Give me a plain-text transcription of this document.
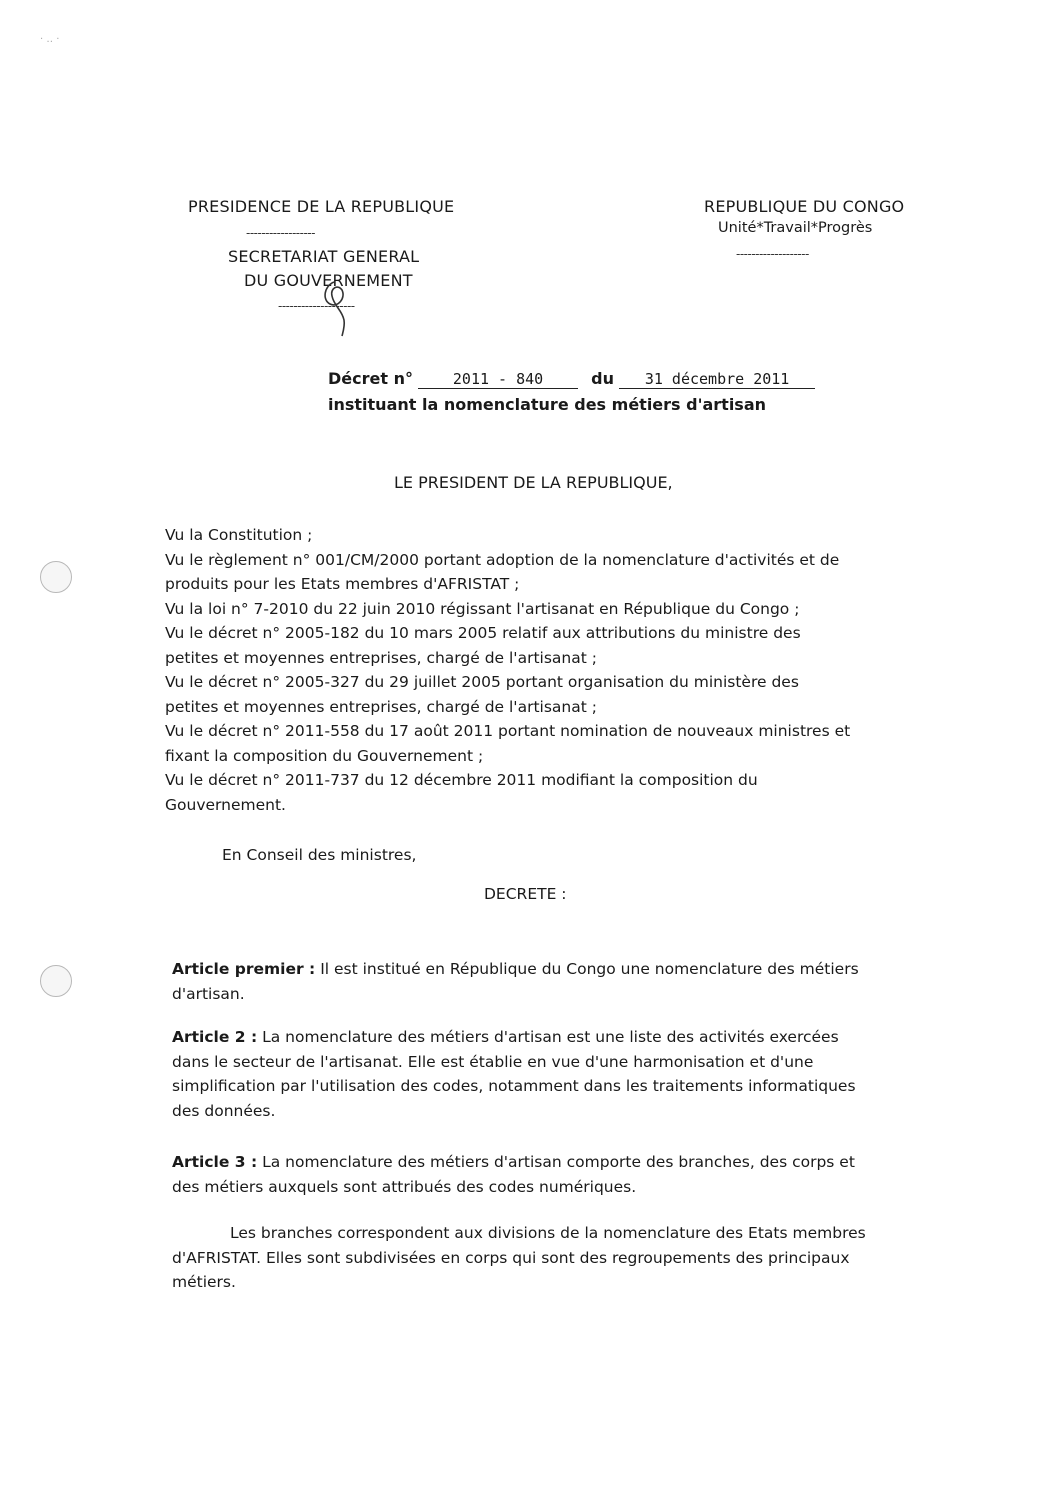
· ‥ ·
PRESIDENCE DE LA REPUBLIQUE
------------------
SECRETARIAT GENERAL
DU GOUVERNEMENT
--------------------
REPUBLIQUE DU CONGO
Unité*Travail*Progrès
-------------------
Décret n°	2011 - 840	du 31 décembre 2011
instituant la nomenclature des métiers d'artisan
LE PRESIDENT DE LA REPUBLIQUE,
Vu la Constitution ;
Vu le règlement n° 001/CM/2000 portant adoption de la nomenclature d'activités et de
produits pour les Etats membres d'AFRISTAT ;
Vu la loi n° 7-2010 du 22 juin 2010 régissant l'artisanat en République du Congo ;
Vu le décret n° 2005-182 du 10 mars 2005 relatif aux attributions du ministre des
petites et moyennes entreprises, chargé de l'artisanat ;
Vu le décret n° 2005-327 du 29 juillet 2005 portant organisation du ministère des
petites et moyennes entreprises, chargé de l'artisanat ;
Vu le décret n° 2011-558 du 17 août 2011 portant nomination de nouveaux ministres et
fixant la composition du Gouvernement ;
Vu le décret n° 2011-737 du 12 décembre 2011 modifiant la composition du
Gouvernement.
En Conseil des ministres,
DECRETE :
Article premier : Il est institué en République du Congo une nomenclature des métiers
d'artisan.
Article 2 : La nomenclature des métiers d'artisan est une liste des activités exercées
dans le secteur de l'artisanat. Elle est établie en vue d'une harmonisation et d'une
simplification par l'utilisation des codes, notamment dans les traitements informatiques
des données.
Article 3 : La nomenclature des métiers d'artisan comporte des branches, des corps et
des métiers auxquels sont attribués des codes numériques.
Les branches correspondent aux divisions de la nomenclature des Etats membres
d'AFRISTAT. Elles sont subdivisées en corps qui sont des regroupements des principaux
métiers.
